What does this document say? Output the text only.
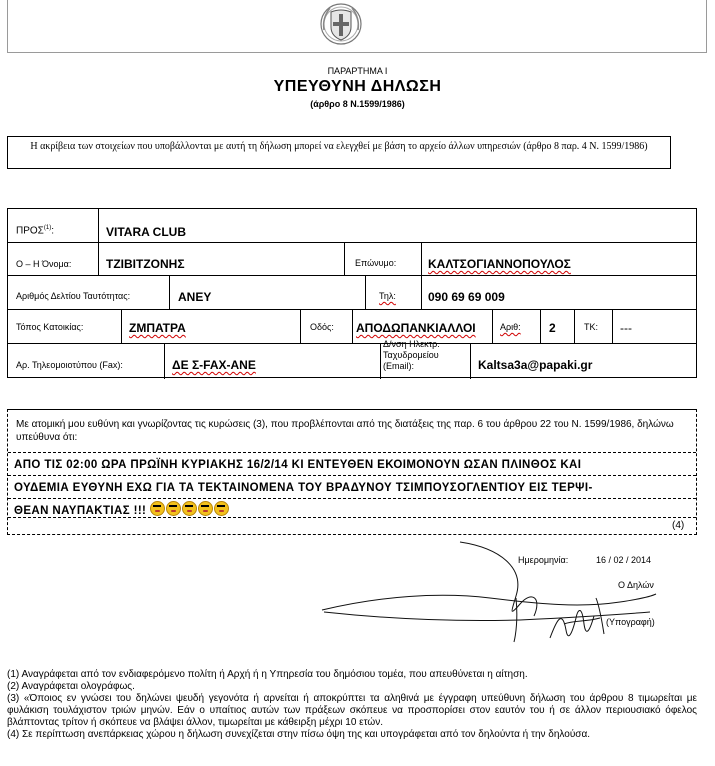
ΠΑΡΑΡΤΗΜΑ Ι
ΥΠΕΥΘΥΝΗ ΔΗΛΩΣΗ
(άρθρο 8 Ν.1599/1986)
Η ακρίβεια των στοιχείων που υποβάλλονται με αυτή τη δήλωση μπορεί να ελεγχθεί με βάση το αρχείο άλλων υπηρεσιών (άρθρο 8 παρ. 4 Ν. 1599/1986)
ΠΡΟΣ$^{(1)}$:	VITARA CLUB
Ο – Η Όνομα:	ΤΖΙΒΙΤΖΟΝΗΣ	Επώνυμο:	ΚΑΛΤΣΟΓΙΑΝΝΟΠΟΥΛΟΣ
Αριθμός Δελτίου Ταυτότητας:	ΑΝΕΥ	Τηλ:	090 69 69 009
Τόπος Κατοικίας:	ΖΜΠΑΤΡΑ	Οδός: ΑΠΟΔΩΠΑΝΚΙΑΛΛΟΙ	Αριθ: 2	ΤΚ: ---
Αρ. Τηλεομοιοτύπου (Fax):	ΔΕ Σ-FAX-ΑΝΕ
Δ/νση Ηλεκτρ.
Ταχυδρομείου
(Email):	Kaltsa3a@papaki.gr
Με ατομική μου ευθύνη και γνωρίζοντας τις κυρώσεις (3), που προβλέπονται από της διατάξεις της παρ. 6 του άρθρου 22 του Ν. 1599/1986, δηλώνω υπεύθυνα ότι:
ΑΠΟ ΤΙΣ 02:00 ΩΡΑ ΠΡΩΪΝΗ ΚΥΡΙΑΚΗΣ 16/2/14 ΚΙ ΕΝΤΕΥΘΕΝ ΕΚΟΙΜΟΝΟΥΝ ΩΣΑΝ ΠΛΙΝΘΟΣ ΚΑΙ
ΟΥΔΕΜΙΑ ΕΥΘΥΝΗ ΕΧΩ ΓΙΑ ΤΑ ΤΕΚΤΑΙΝΟΜΕΝΑ ΤΟΥ ΒΡΑΔΥΝΟΥ ΤΣΙΜΠΟΥΣΟΓΛΕΝΤΙΟΥ ΕΙΣ ΤΕΡΨΙ-
ΘΕΑΝ ΝΑΥΠΑΚΤΙΑΣ !!!
(4)
Ημερομηνία:	16 / 02 / 2014
Ο Δηλών
(Υπογραφή)

(1) Αναγράφεται από τον ενδιαφερόμενο πολίτη ή Αρχή ή η Υπηρεσία του δημόσιου τομέα, που απευθύνεται η αίτηση.

(2) Αναγράφεται ολογράφως.

(3) «Όποιος εν γνώσει του δηλώνει ψευδή γεγονότα ή αρνείται ή αποκρύπτει τα αληθινά με έγγραφη υπεύθυνη δήλωση του άρθρου 8 τιμωρείται με φυλάκιση τουλάχιστον τριών μηνών. Εάν ο υπαίτιος αυτών των πράξεων σκόπευε να προσπορίσει στον εαυτόν του ή σε άλλον περιουσιακό όφελος βλάπτοντας τρίτον ή σκόπευε να βλάψει άλλον, τιμωρείται με κάθειρξη μέχρι 10 ετών.

(4) Σε περίπτωση ανεπάρκειας χώρου η δήλωση συνεχίζεται στην πίσω όψη της και υπογράφεται από τον δηλούντα ή την δηλούσα.
